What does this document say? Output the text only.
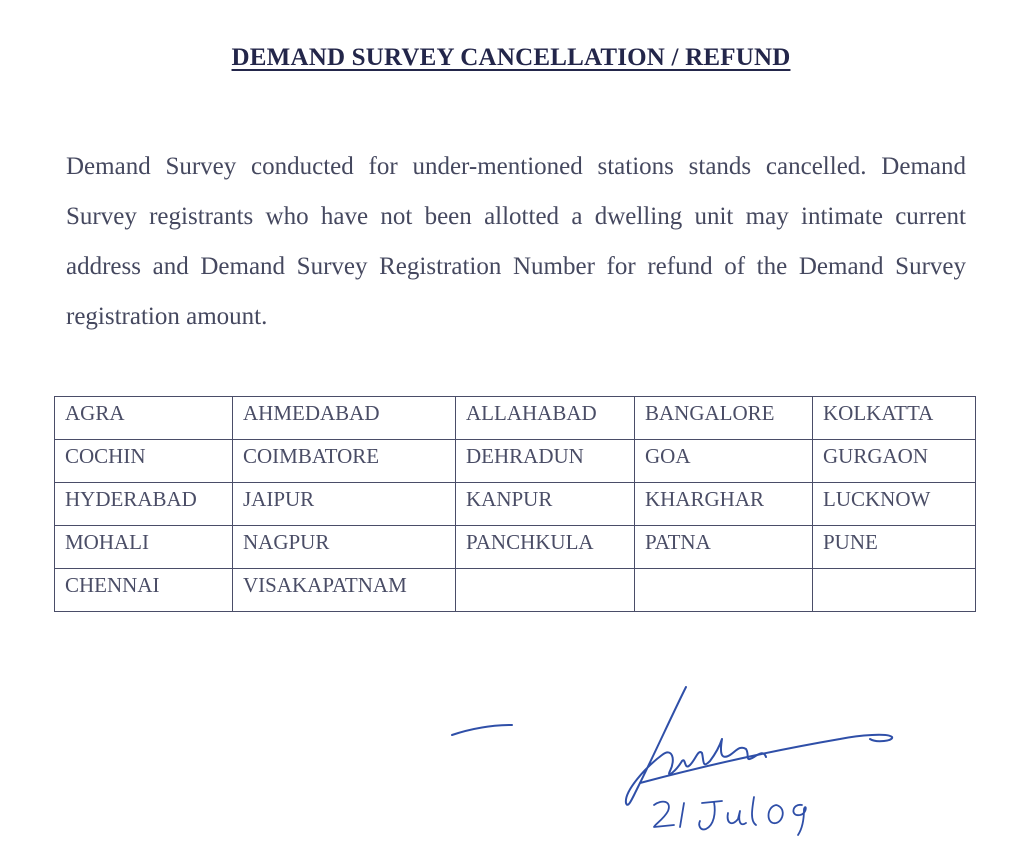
DEMAND SURVEY CANCELLATION / REFUND
Demand Survey conducted for under-mentioned stations stands cancelled. Demand Survey registrants who have not been allotted a dwelling unit may intimate current address and Demand Survey Registration Number for refund of the Demand Survey registration amount.
AGRA	AHMEDABAD	ALLAHABAD	BANGALORE	KOLKATTA
COCHIN	COIMBATORE	DEHRADUN	GOA	GURGAON
HYDERABAD	JAIPUR	KANPUR	KHARGHAR	LUCKNOW
MOHALI	NAGPUR	PANCHKULA	PATNA	PUNE
CHENNAI	VISAKAPATNAM			
